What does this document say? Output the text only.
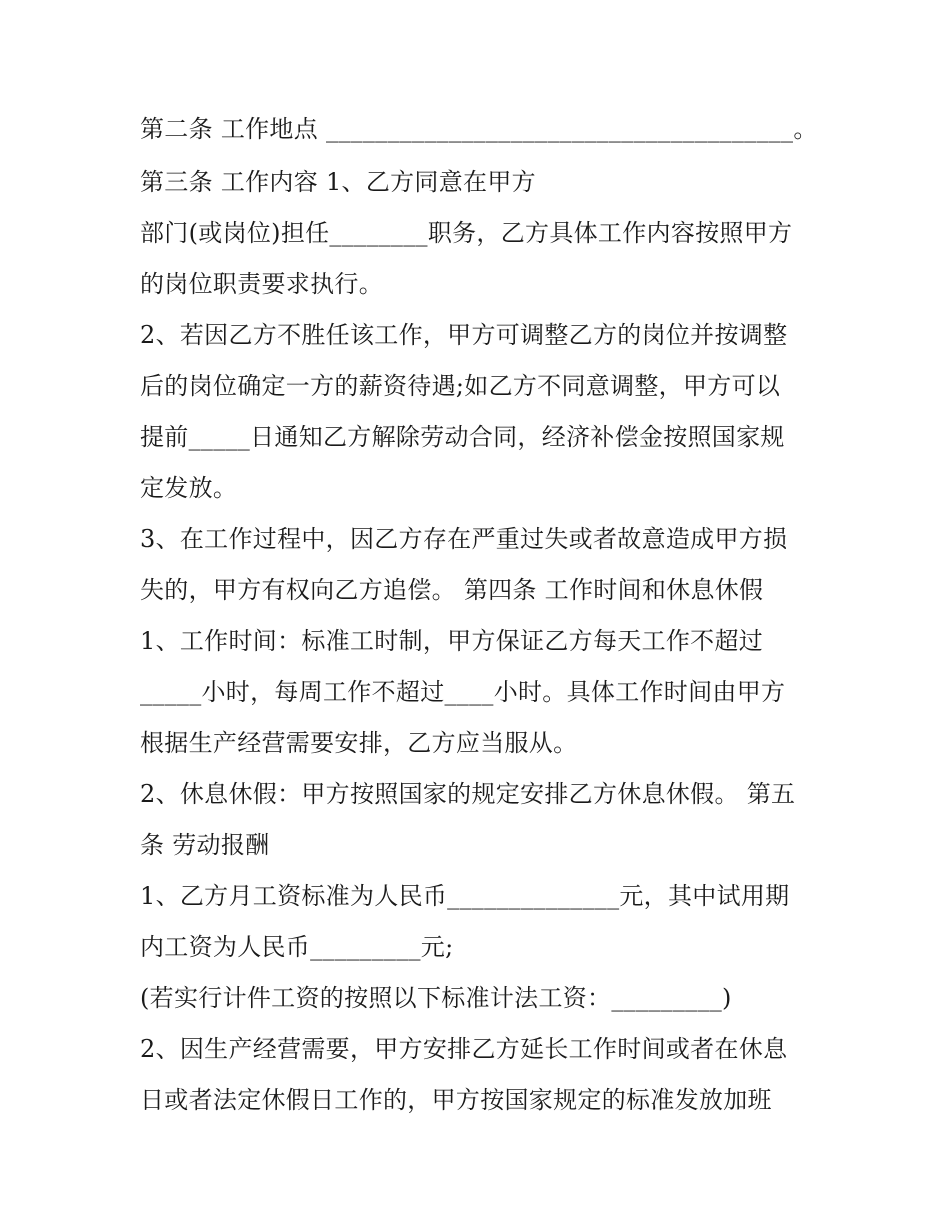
第二条 工作地点 ______________________________________。
第三条 工作内容 1、乙方同意在甲方
部门(或岗位)担任________职务，乙方具体工作内容按照甲方
的岗位职责要求执行。
2、若因乙方不胜任该工作，甲方可调整乙方的岗位并按调整
后的岗位确定一方的薪资待遇;如乙方不同意调整，甲方可以
提前_____日通知乙方解除劳动合同，经济补偿金按照国家规
定发放。
3、在工作过程中，因乙方存在严重过失或者故意造成甲方损
失的，甲方有权向乙方追偿。 第四条 工作时间和休息休假
1、工作时间：标准工时制，甲方保证乙方每天工作不超过
_____小时，每周工作不超过____小时。具体工作时间由甲方
根据生产经营需要安排，乙方应当服从。
2、休息休假：甲方按照国家的规定安排乙方休息休假。 第五
条 劳动报酬
1、乙方月工资标准为人民币______________元，其中试用期
内工资为人民币_________元;
(若实行计件工资的按照以下标准计法工资：_________)
2、因生产经营需要，甲方安排乙方延长工作时间或者在休息
日或者法定休假日工作的，甲方按国家规定的标准发放加班
